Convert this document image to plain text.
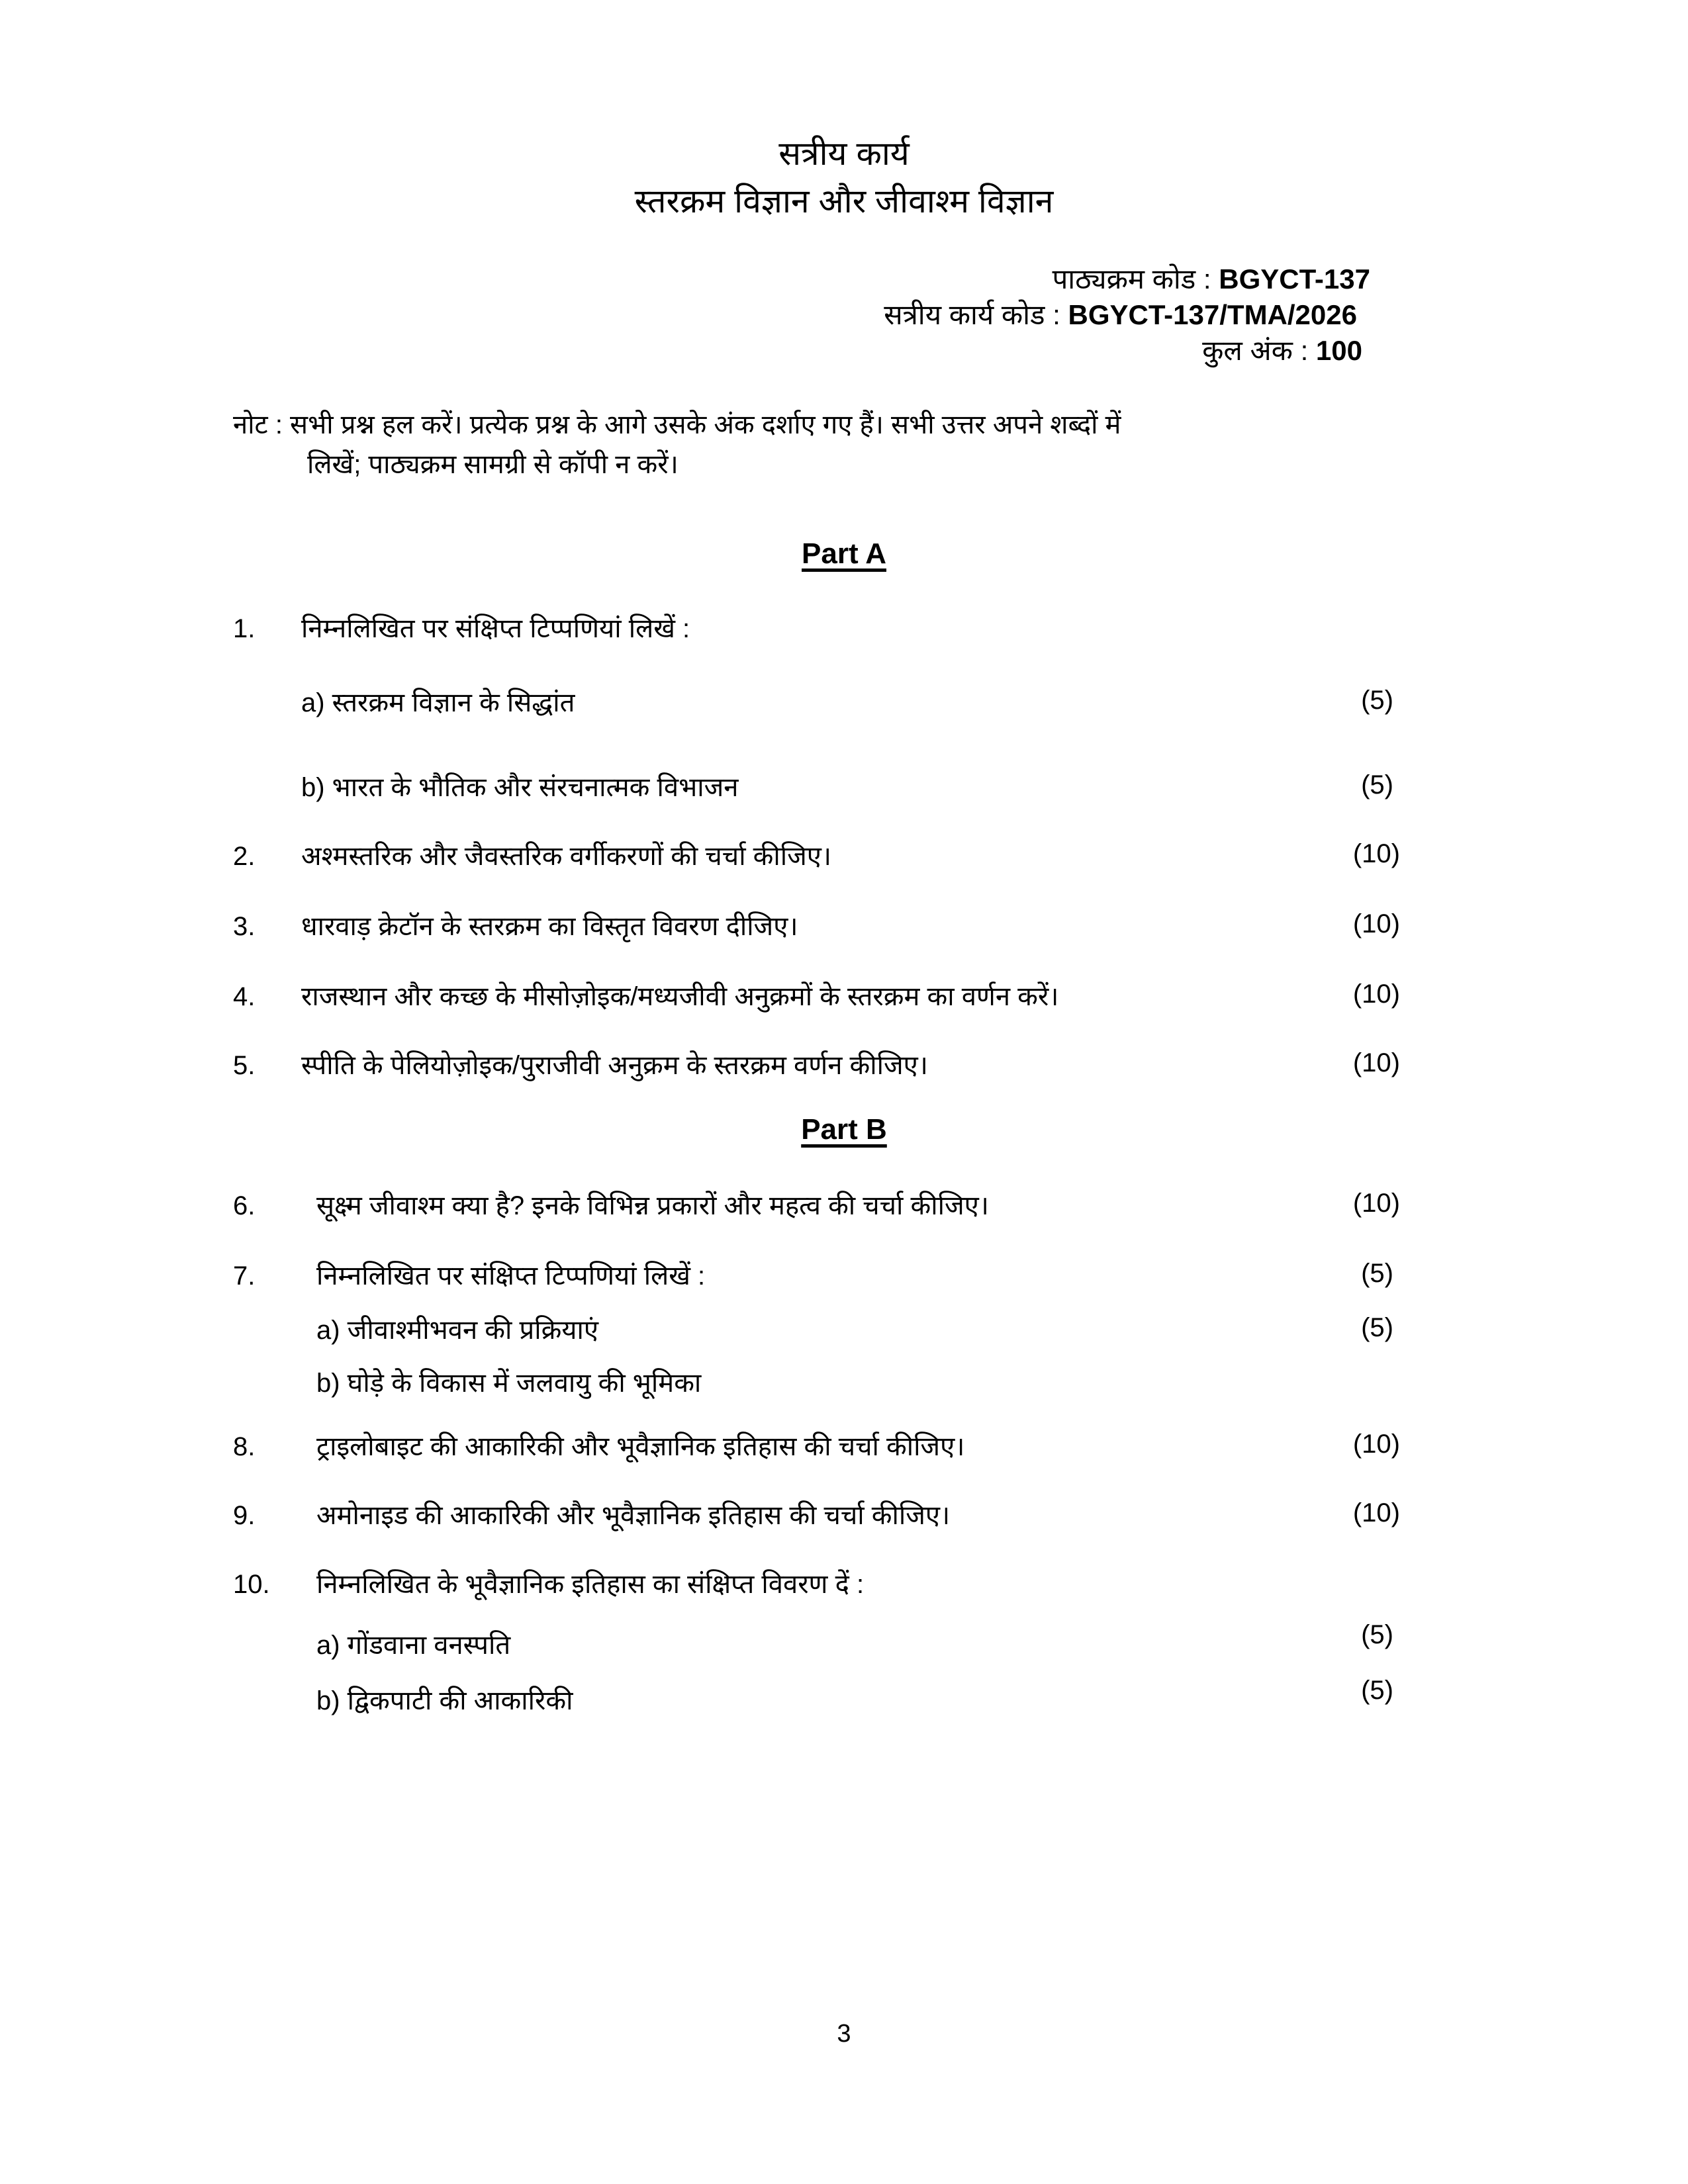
सत्रीय कार्य
स्तरक्रम विज्ञान और जीवाश्म विज्ञान
पाठ्यक्रम कोड : BGYCT-137
सत्रीय कार्य कोड : BGYCT-137/TMA/2026
कुल अंक : 100
नोट : सभी प्रश्न हल करें। प्रत्येक प्रश्न के आगे उसके अंक दर्शाए गए हैं। सभी उत्तर अपने शब्दों में
लिखें; पाठ्यक्रम सामग्री से कॉपी न करें।
Part A
1. निम्नलिखित पर संक्षिप्त टिप्पणियां लिखें :
a) स्तरक्रम विज्ञान के सिद्धांत	(5)
b) भारत के भौतिक और संरचनात्मक विभाजन	(5)
2. अश्मस्तरिक और जैवस्तरिक वर्गीकरणों की चर्चा कीजिए।	(10)
3. धारवाड़ क्रेटॉन के स्तरक्रम का विस्तृत विवरण दीजिए।	(10)
4. राजस्थान और कच्छ के मीसोज़ोइक/मध्यजीवी अनुक्रमों के स्तरक्रम का वर्णन करें।	(10)
5. स्पीति के पेलियोज़ोइक/पुराजीवी अनुक्रम के स्तरक्रम वर्णन कीजिए।	(10)
Part B
6. सूक्ष्म जीवाश्म क्या है? इनके विभिन्न प्रकारों और महत्व की चर्चा कीजिए।	(10)
7. निम्नलिखित पर संक्षिप्त टिप्पणियां लिखें :	(5)
a) जीवाश्मीभवन की प्रक्रियाएं	(5)
b) घोड़े के विकास में जलवायु की भूमिका
8. ट्राइलोबाइट की आकारिकी और भूवैज्ञानिक इतिहास की चर्चा कीजिए।	(10)
9. अमोनाइड की आकारिकी और भूवैज्ञानिक इतिहास की चर्चा कीजिए।	(10)
10. निम्नलिखित के भूवैज्ञानिक इतिहास का संक्षिप्त विवरण दें :
a) गोंडवाना वनस्पति	(5)
b) द्विकपाटी की आकारिकी	(5)
3
